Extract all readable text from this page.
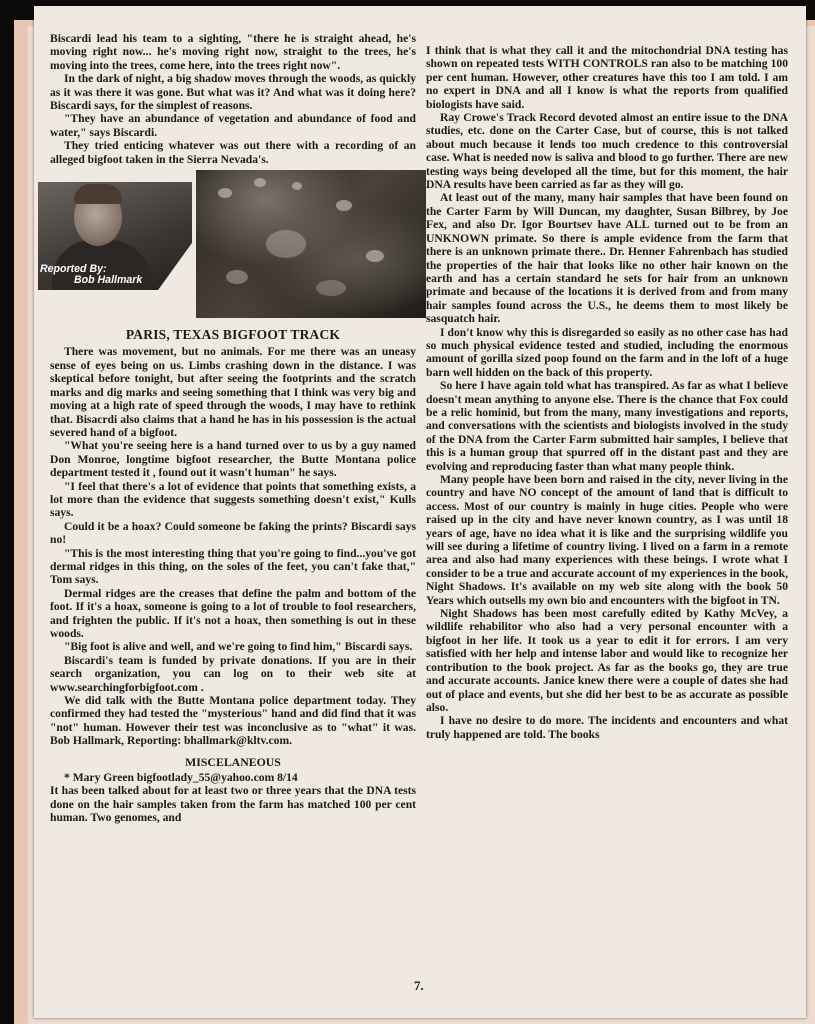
Biscardi lead his team to a sighting, "there he is straight ahead, he's moving right now... he's moving right now, straight to the trees, he's moving into the trees, come here, into the trees right now".

In the dark of night, a big shadow moves through the woods, as quickly as it was there it was gone. But what was it? And what was it doing here? Biscardi says, for the simplest of reasons.

"They have an abundance of vegetation and abundance of food and water," says Biscardi.

They tried enticing whatever was out there with a recording of an alleged bigfoot taken in the Sierra Nevada's.

Reported By:
Bob Hallmark
PARIS, TEXAS BIGFOOT TRACK

There was movement, but no animals. For me there was an uneasy sense of eyes being on us. Limbs crashing down in the distance. I was skeptical before tonight, but after seeing the footprints and the scratch marks and dig marks and seeing something that I think was very big and moving at a high rate of speed through the woods, I may have to rethink that. Bisacrdi also claims that a hand he has in his possession is the actual severed hand of a bigfoot.

"What you're seeing here is a hand turned over to us by a guy named Don Monroe, longtime bigfoot researcher, the Butte Montana police department tested it , found out it wasn't human" he says.

"I feel that there's a lot of evidence that points that something exists, a lot more than the evidence that suggests something doesn't exist," Kulls says.

Could it be a hoax? Could someone be faking the prints? Biscardi says no!

"This is the most interesting thing that you're going to find...you've got dermal ridges in this thing, on the soles of the feet, you can't fake that," Tom says.

Dermal ridges are the creases that define the palm and bottom of the foot. If it's a hoax, someone is going to a lot of trouble to fool researchers, and frighten the public. If it's not a hoax, then something is out in these woods.

"Big foot is alive and well, and we're going to find him," Biscardi says.

Biscardi's team is funded by private donations. If you are in their search organization, you can log on to their web site at www.searchingforbigfoot.com .

We did talk with the Butte Montana police department today. They confirmed they had tested the "mysterious" hand and did find that it was "not" human. However their test was inconclusive as to "what" it was. Bob Hallmark, Reporting: bhallmark@kltv.com.

MISCELANEOUS

* Mary Green bigfootlady_55@yahoo.com 8/14

It has been talked about for at least two or three years that the DNA tests done on the hair samples taken from the farm has matched 100 per cent human. Two genomes, and

I think that is what they call it and the mitochondrial DNA testing has shown on repeated tests WITH CONTROLS ran also to be matching 100 per cent human. However, other creatures have this too I am told. I am no expert in DNA and all I know is what the reports from qualified biologists have said.

Ray Crowe's Track Record devoted almost an entire issue to the DNA studies, etc. done on the Carter Case, but of course, this is not talked about much because it lends too much credence to this controversial case. What is needed now is saliva and blood to go further. There are new testing ways being developed all the time, but for this moment, the hair DNA results have been carried as far as they will go.

At least out of the many, many hair samples that have been found on the Carter Farm by Will Duncan, my daughter, Susan Bilbrey, by Joe Fex, and also Dr. Igor Bourtsev have ALL turned out to be from an UNKNOWN primate. So there is ample evidence from the farm that there is an unknown primate there.. Dr. Henner Fahrenbach has studied the properties of the hair that looks like no other hair known on the earth and has a certain standard he sets for hair from an unknown primate and because of the locations it is derived from and from many hair samples found across the U.S., he deems them to most likely be sasquatch hair.

I don't know why this is disregarded so easily as no other case has had so much physical evidence tested and studied, including the enormous amount of gorilla sized poop found on the farm and in the loft of a huge barn well hidden on the back of this property.

So here I have again told what has transpired. As far as what I believe doesn't mean anything to anyone else. There is the chance that Fox could be a relic hominid, but from the many, many investigations and reports, and conversations with the scientists and biologists involved in the study of the DNA from the Carter Farm submitted hair samples, I believe that this is a human group that spurred off in the distant past and they are evolving and reproducing faster than what many people think.

Many people have been born and raised in the city, never living in the country and have NO concept of the amount of land that is difficult to access. Most of our country is mainly in huge cities. People who were raised up in the city and have never known country, as I was until 18 years of age, have no idea what it is like and the surprising wildlife you will see during a lifetime of country living. I lived on a farm in a remote area and also had many experiences with these beings. I wrote what I consider to be a true and accurate account of my experiences in the book, Night Shadows. It's available on my web site along with the book 50 Years which outsells my own bio and encounters with the bigfoot in TN.

Night Shadows has been most carefully edited by Kathy McVey, a wildlife rehabilitor who also had a very personal encounter with a bigfoot in her life. It took us a year to edit it for errors. I am very satisfied with her help and intense labor and would like to recognize her contribution to the book project. As far as the books go, they are true and accurate accounts. Janice knew there were a couple of dates she had out of place and events, but she did her best to be as accurate as possible also.

I have no desire to do more. The incidents and encounters and what truly happened are told. The books

7.
